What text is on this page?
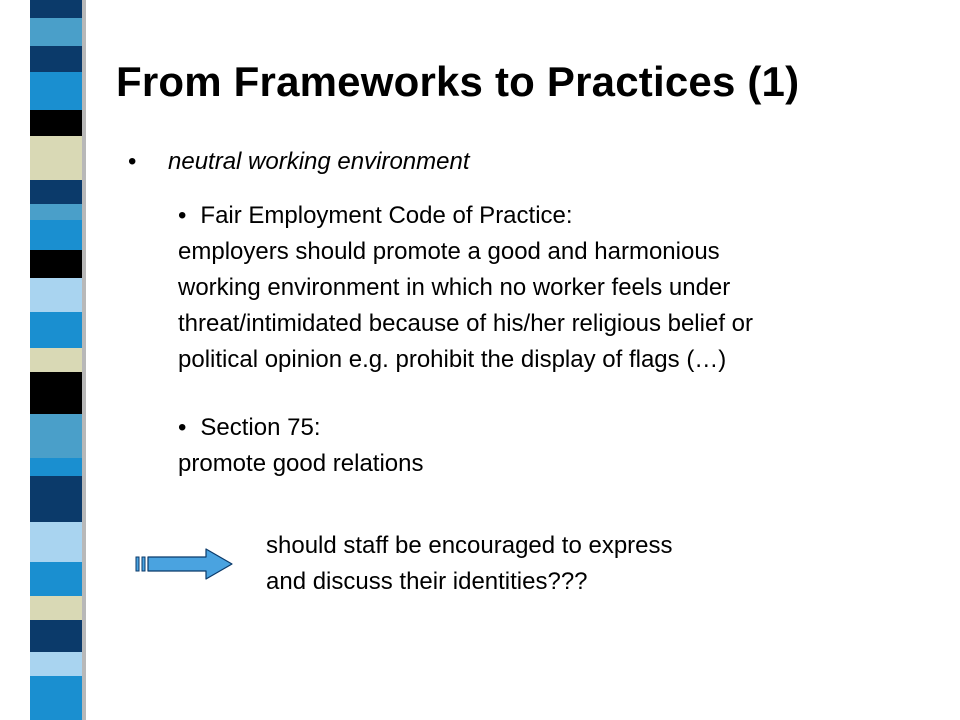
From Frameworks to Practices (1)
• neutral working environment
• Fair Employment Code of Practice:
employers should promote a good and harmonious
working environment in which no worker feels under
threat/intimidated because of his/her religious belief or
political opinion e.g. prohibit the display of flags (…)
• Section 75:
promote good relations
should staff be encouraged to express
and discuss their identities???
